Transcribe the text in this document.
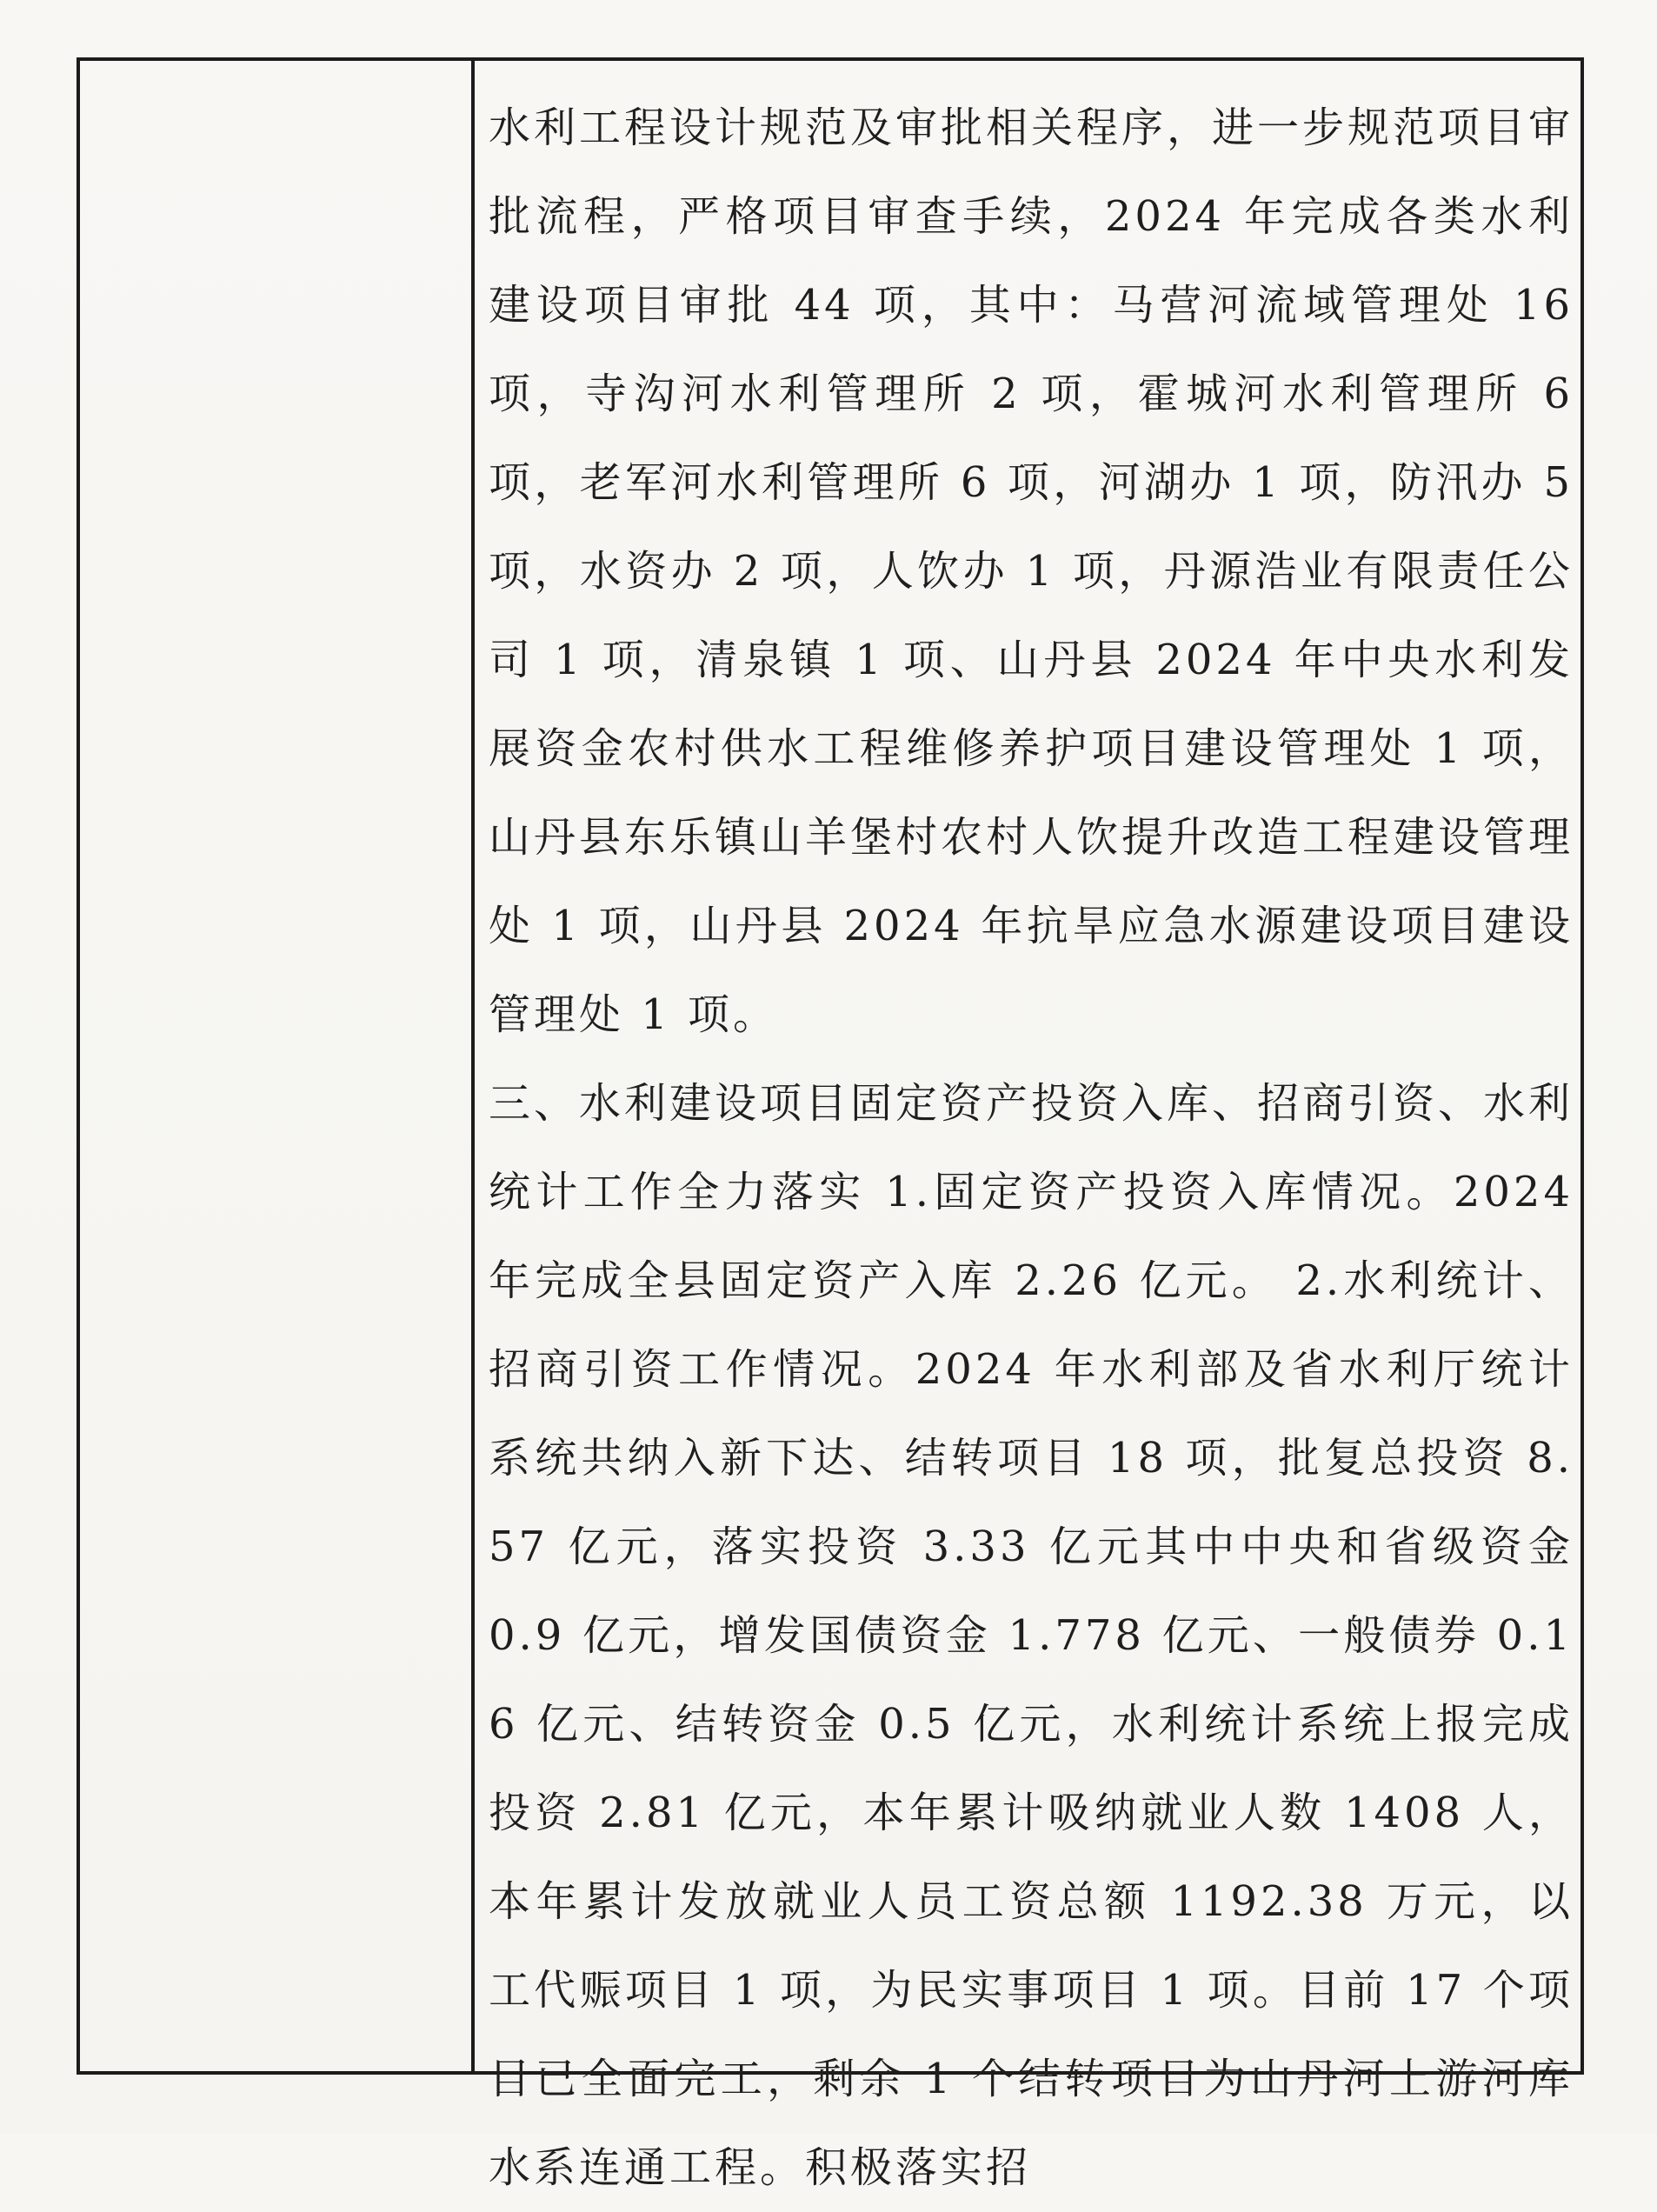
水利工程设计规范及审批相关程序，进一步规范项目审批流程，严格项目审查手续，2024 年完成各类水利建设项目审批 44 项，其中：马营河流域管理处 16 项，寺沟河水利管理所 2 项，霍城河水利管理所 6 项，老军河水利管理所 6 项，河湖办 1 项，防汛办 5 项，水资办 2 项，人饮办 1 项，丹源浩业有限责任公司 1 项，清泉镇 1 项、山丹县 2024 年中央水利发展资金农村供水工程维修养护项目建设管理处 1 项，山丹县东乐镇山羊堡村农村人饮提升改造工程建设管理处 1 项，山丹县 2024 年抗旱应急水源建设项目建设管理处 1 项。

三、水利建设项目固定资产投资入库、招商引资、水利统计工作全力落实 1.固定资产投资入库情况。2024 年完成全县固定资产入库 2.26 亿元。 2.水利统计、招商引资工作情况。2024 年水利部及省水利厅统计系统共纳入新下达、结转项目 18 项，批复总投资 8.57 亿元，落实投资 3.33 亿元其中中央和省级资金 0.9 亿元，增发国债资金 1.778 亿元、一般债券 0.16 亿元、结转资金 0.5 亿元，水利统计系统上报完成投资 2.81 亿元，本年累计吸纳就业人数 1408 人，本年累计发放就业人员工资总额 1192.38 万元，以工代赈项目 1 项，为民实事项目 1 项。目前 17 个项目已全面完工，剩余 1 个结转项目为山丹河上游河库水系连通工程。积极落实招
